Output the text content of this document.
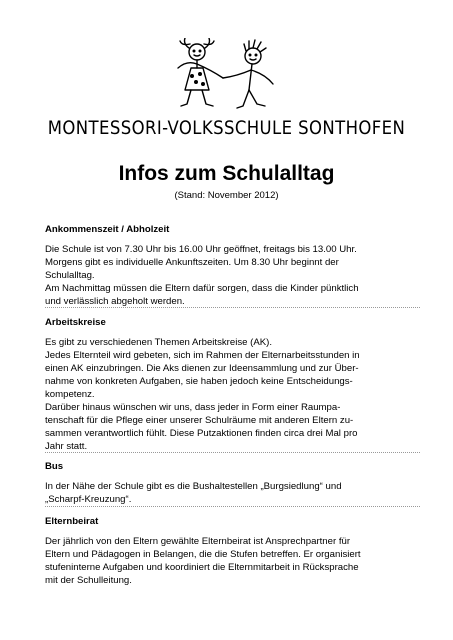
MONTESSORI-VOLKSSCHULE SONTHOFEN
Infos zum Schulalltag
(Stand: November 2012)
Ankommenszeit / Abholzeit

Die Schule ist von 7.30 Uhr bis 16.00 Uhr geöffnet, freitags bis 13.00 Uhr.

Morgens gibt es individuelle Ankunftszeiten. Um 8.30 Uhr beginnt der

Schulalltag.

Am Nachmittag müssen die Eltern dafür sorgen, dass die Kinder pünktlich

und verlässlich abgeholt werden.

Arbeitskreise

Es gibt zu verschiedenen Themen Arbeitskreise (AK).

Jedes Elternteil wird gebeten, sich im Rahmen der Elternarbeitsstunden in

einen AK einzubringen. Die Aks dienen zur Ideensammlung und zur Über-

nahme von konkreten Aufgaben, sie haben jedoch keine Entscheidungs-

kompetenz.

Darüber hinaus wünschen wir uns, dass jeder in Form einer Raumpa-

tenschaft für die Pflege einer unserer Schulräume mit anderen Eltern zu-

sammen verantwortlich fühlt. Diese Putzaktionen finden circa drei Mal pro

Jahr statt.

Bus

In der Nähe der Schule gibt es die Bushaltestellen „Burgsiedlung“ und

„Scharpf-Kreuzung“.

Elternbeirat

Der jährlich von den Eltern gewählte Elternbeirat ist Ansprechpartner für

Eltern und Pädagogen in Belangen, die die Stufen betreffen. Er organisiert

stufeninterne Aufgaben und koordiniert die Elternmitarbeit in Rücksprache

mit der Schulleitung.
